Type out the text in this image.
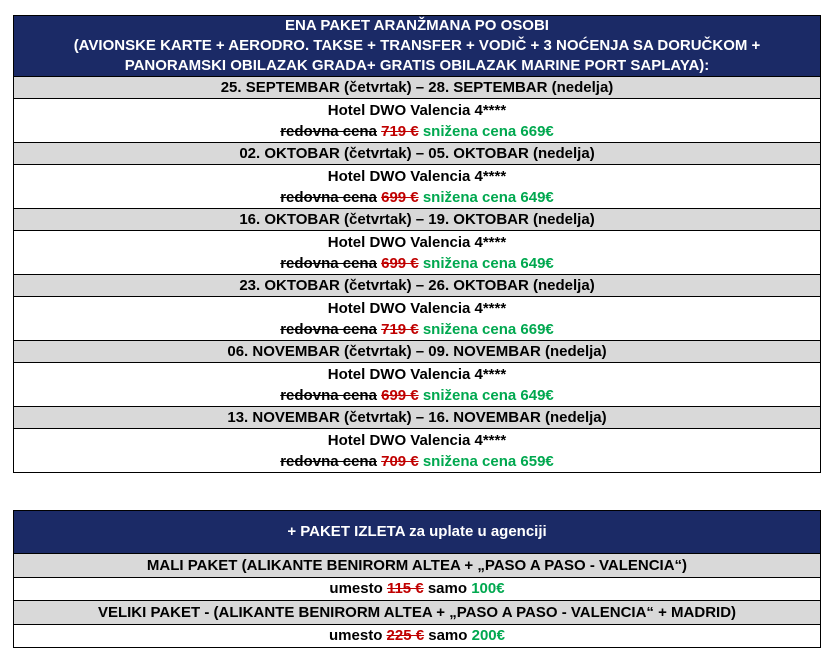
ENA PAKET ARANŽMANA PO OSOBI
(AVIONSKE KARTE + AERODRO. TAKSE + TRANSFER + VODIČ + 3 NOĆENJA SA DORUČKOM +
PANORAMSKI OBILAZAK GRADA+ GRATIS OBILAZAK MARINE PORT SAPLAYA):

25. SEPTEMBAR (četvrtak) – 28. SEPTEMBAR (nedelja)

Hotel DWO Valencia 4****
redovna cena 719 € snižena cena 669€

02. OKTOBAR (četvrtak) – 05. OKTOBAR (nedelja)

Hotel DWO Valencia 4****
redovna cena 699 € snižena cena 649€

16. OKTOBAR (četvrtak) – 19. OKTOBAR (nedelja)

Hotel DWO Valencia 4****
redovna cena 699 € snižena cena 649€

23. OKTOBAR (četvrtak) – 26. OKTOBAR (nedelja)

Hotel DWO Valencia 4****
redovna cena 719 € snižena cena 669€

06. NOVEMBAR (četvrtak) – 09. NOVEMBAR (nedelja)

Hotel DWO Valencia 4****
redovna cena 699 € snižena cena 649€

13. NOVEMBAR (četvrtak) – 16. NOVEMBAR (nedelja)

Hotel DWO Valencia 4****
redovna cena 709 € snižena cena 659€
+ PAKET IZLETA za uplate u agenciji
MALI PAKET (ALIKANTE BENIRORM ALTEA + „PASO A PASO - VALENCIA“)
umesto 115 € samo 100€
VELIKI PAKET - (ALIKANTE BENIRORM ALTEA + „PASO A PASO - VALENCIA“ + MADRID)
umesto 225 € samo 200€
